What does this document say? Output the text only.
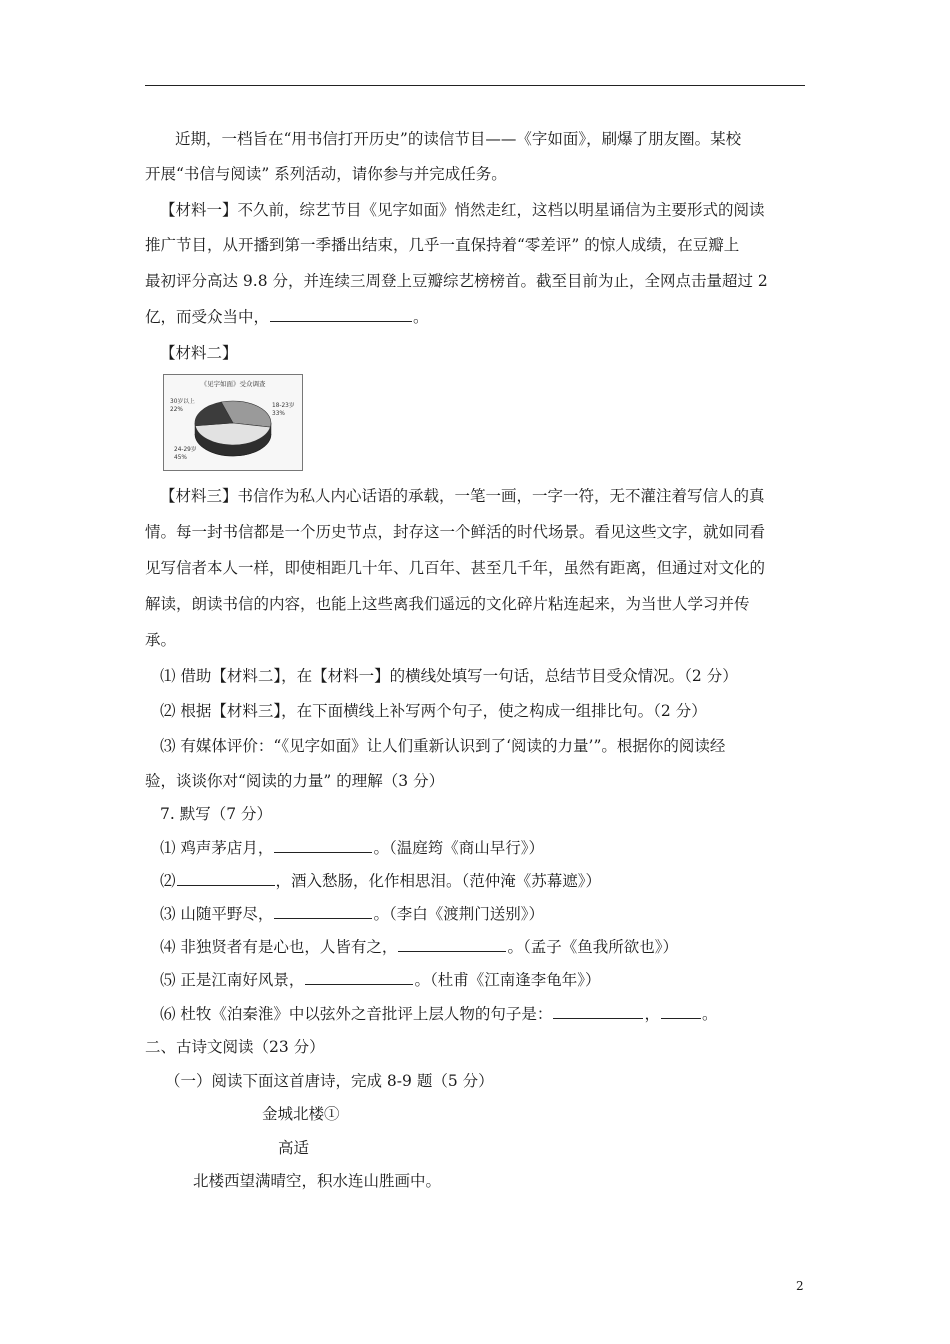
近期，一档旨在“用书信打开历史”的读信节目——《字如面》，刷爆了朋友圈。某校
开展“书信与阅读” 系列活动，请你参与并完成任务。
【材料一】不久前，综艺节目《见字如面》悄然走红，这档以明星诵信为主要形式的阅读
推广节目，从开播到第一季播出结束，几乎一直保持着“零差评” 的惊人成绩，在豆瓣上
最初评分高达 9.8 分，并连续三周登上豆瓣综艺榜榜首。截至目前为止，全网点击量超过 2
亿，而受众当中，	。
【材料二】
《见字如面》受众调查
30岁以上
22%
18-23岁
33%
24-29岁
45%
【材料三】书信作为私人内心话语的承载，一笔一画，一字一符，无不灌注着写信人的真
情。每一封书信都是一个历史节点，封存这一个鲜活的时代场景。看见这些文字，就如同看
见写信者本人一样，即使相距几十年、几百年、甚至几千年，虽然有距离，但通过对文化的
解读，朗读书信的内容，也能上这些离我们遥远的文化碎片粘连起来，为当世人学习并传
承。
⑴ 借助【材料二】，在【材料一】的横线处填写一句话，总结节目受众情况。（2 分）
⑵ 根据【材料三】，在下面横线上补写两个句子，使之构成一组排比句。（2 分）
⑶ 有媒体评价：“《见字如面》让人们重新认识到了‘阅读的力量’”。根据你的阅读经
验，谈谈你对“阅读的力量” 的理解（3 分）
7. 默写（7 分）
⑴ 鸡声茅店月，	。（温庭筠《商山早行》）
⑵	，酒入愁肠，化作相思泪。（范仲淹《苏幕遮》）
⑶ 山随平野尽，	。（李白《渡荆门送别》）
⑷ 非独贤者有是心也，人皆有之，	。（孟子《鱼我所欲也》）
⑸ 正是江南好风景，	。（杜甫《江南逢李龟年》）
⑹ 杜牧《泊秦淮》中以弦外之音批评上层人物的句子是：	，	。
二、古诗文阅读（23 分）
（一）阅读下面这首唐诗，完成 8-9 题（5 分）
金城北楼①
高适
北楼西望满晴空，积水连山胜画中。
2
